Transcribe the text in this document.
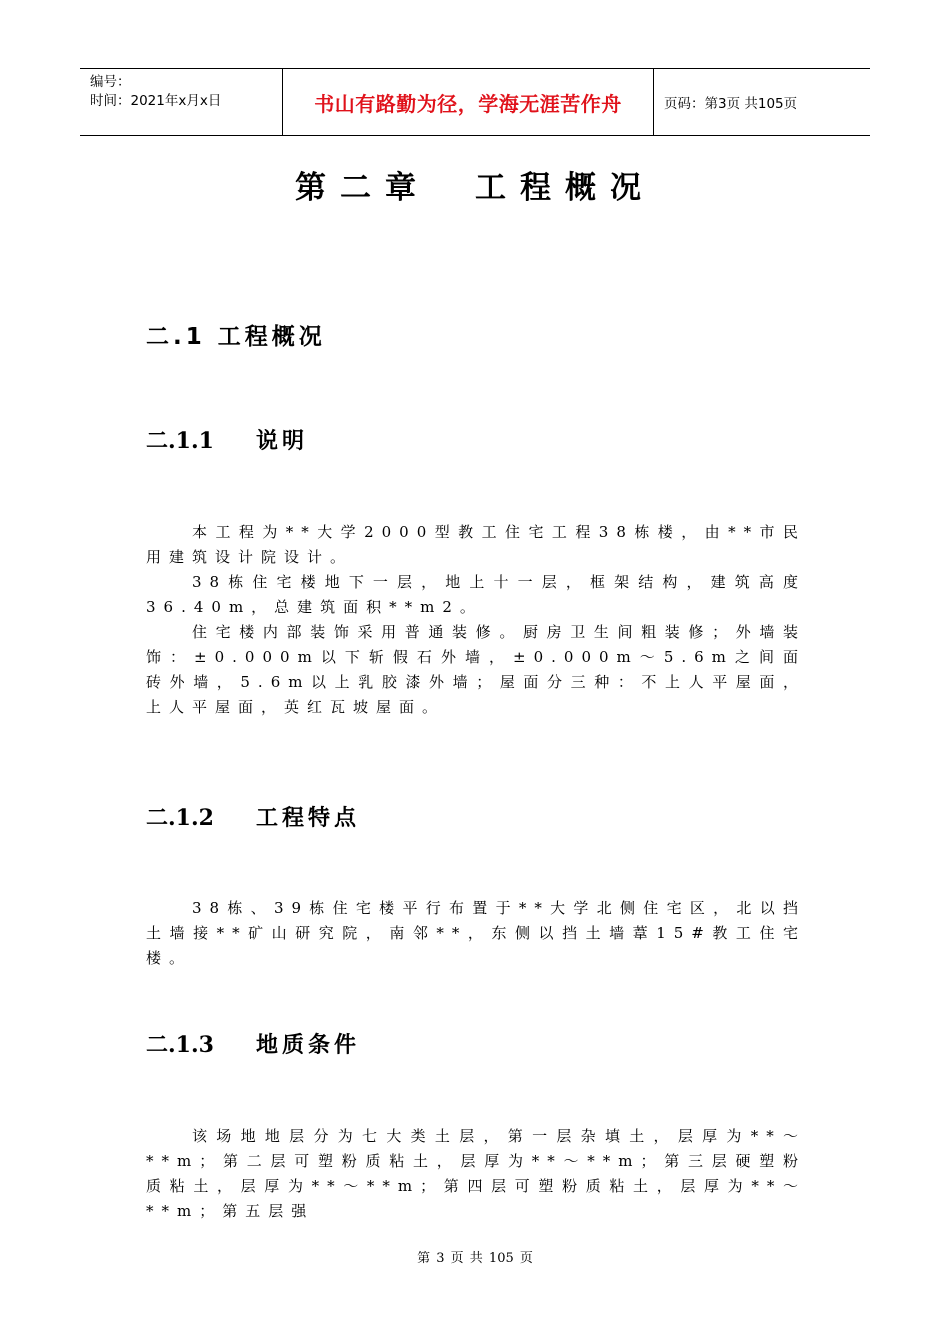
编号：
时间：2021年x月x日	书山有路勤为径，学海无涯苦作舟	页码：第3页 共105页
第二章　工程概况
二.1 工程概况
二.1.1	说明
本工程为**大学2000型教工住宅工程38栋楼，由**市民用建筑设计院设计。
38栋住宅楼地下一层，地上十一层，框架结构，建筑高度36.40m，总建筑面积**m2。
住宅楼内部装饰采用普通装修。厨房卫生间粗装修；外墙装饰：±0.000m以下斩假石外墙，±0.000m～5.6m之间面砖外墙，5.6m以上乳胶漆外墙；屋面分三种：不上人平屋面，上人平屋面，英红瓦坡屋面。
二.1.2	工程特点
38栋、39栋住宅楼平行布置于**大学北侧住宅区，北以挡土墙接**矿山研究院，南邻**，东侧以挡土墙葦15#教工住宅楼。
二.1.3	地质条件
该场地地层分为七大类土层，第一层杂填土，层厚为**～**m；第二层可塑粉质粘土，层厚为**～**m；第三层硬塑粉质粘土，层厚为**～**m；第四层可塑粉质粘土，层厚为**～**m；第五层强
第 3 页 共 105 页
